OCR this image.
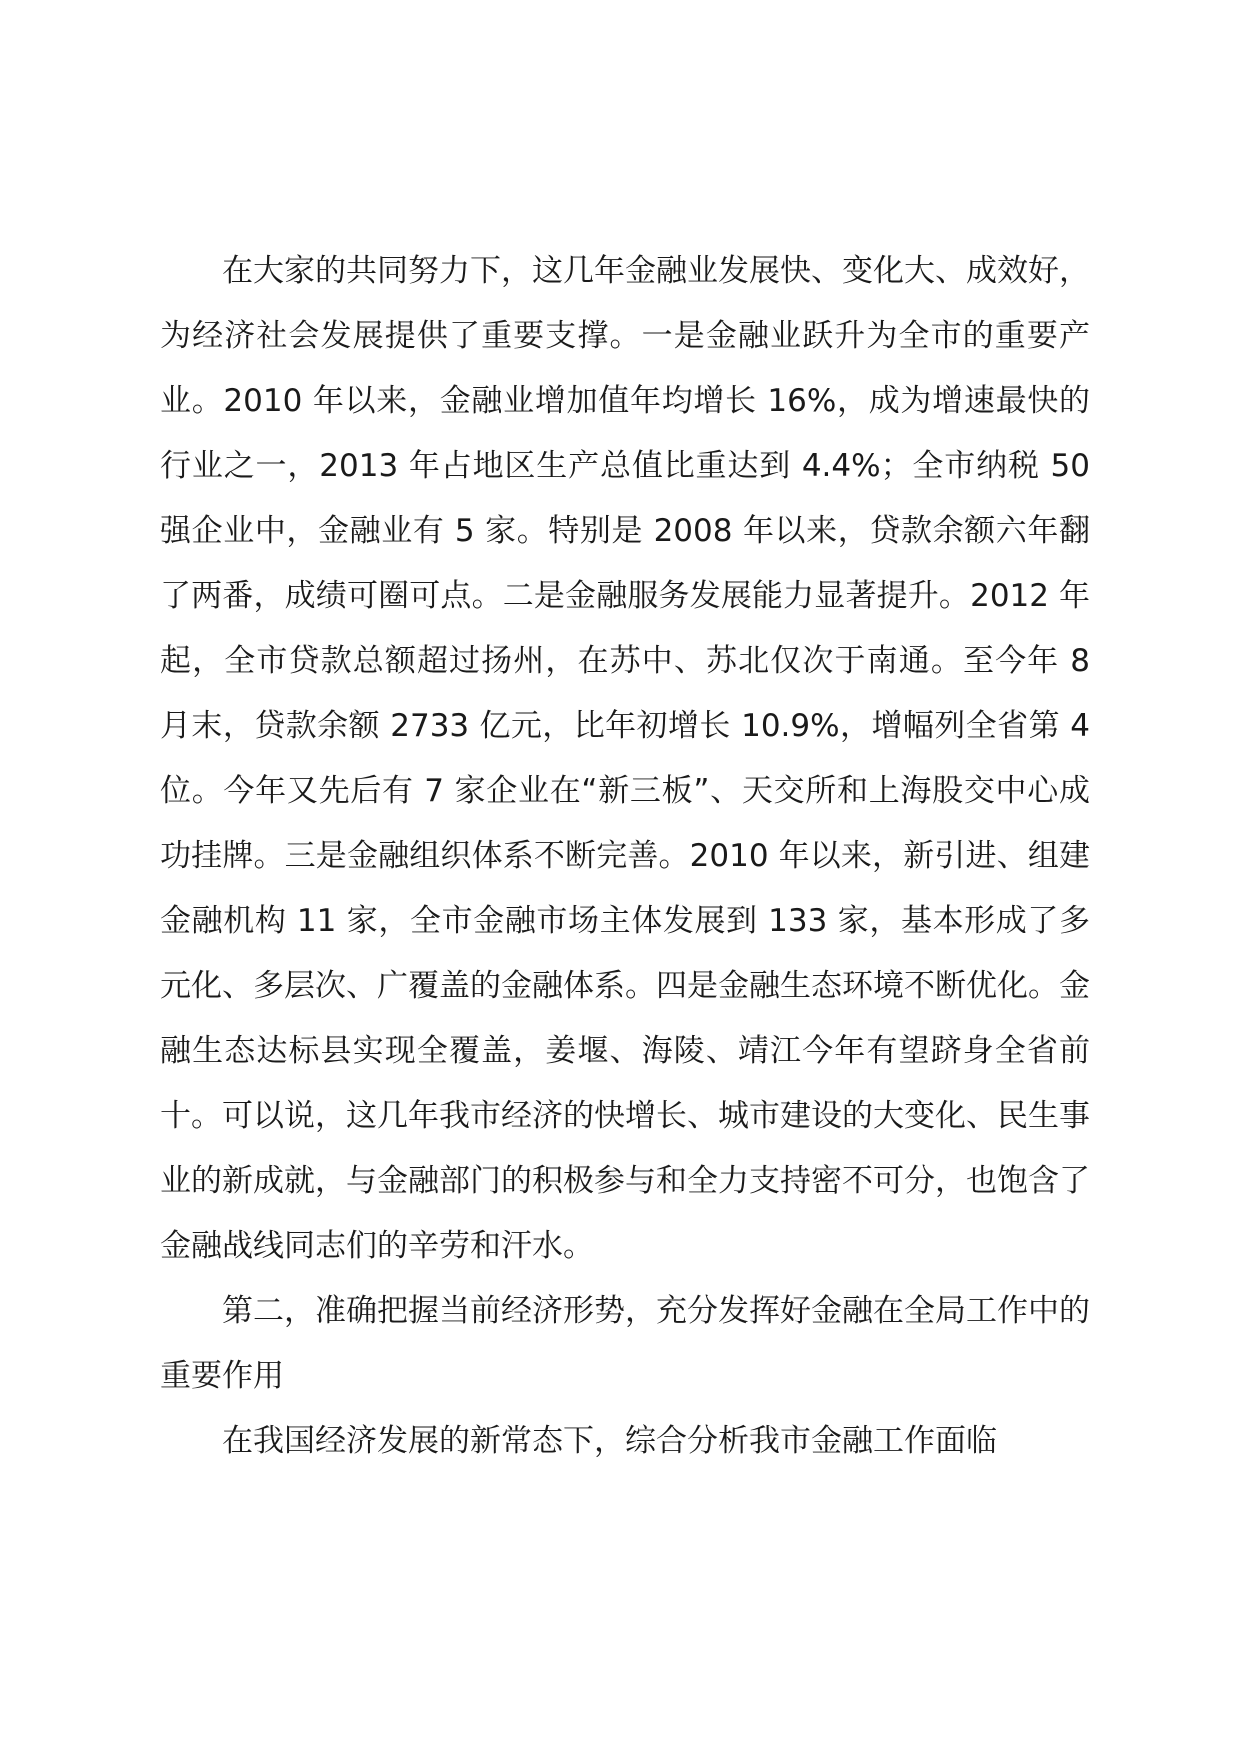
在大家的共同努力下，这几年金融业发展快、变化大、成效好，为经济社会发展提供了重要支撑。一是金融业跃升为全市的重要产业。2010 年以来，金融业增加值年均增长 16%，成为增速最快的行业之一，2013 年占地区生产总值比重达到 4.4%；全市纳税 50 强企业中，金融业有 5 家。特别是 2008 年以来，贷款余额六年翻了两番，成绩可圈可点。二是金融服务发展能力显著提升。2012 年起，全市贷款总额超过扬州，在苏中、苏北仅次于南通。至今年 8 月末，贷款余额 2733 亿元，比年初增长 10.9%，增幅列全省第 4 位。今年又先后有 7 家企业在“新三板”、天交所和上海股交中心成功挂牌。三是金融组织体系不断完善。2010 年以来，新引进、组建金融机构 11 家，全市金融市场主体发展到 133 家，基本形成了多元化、多层次、广覆盖的金融体系。四是金融生态环境不断优化。金融生态达标县实现全覆盖，姜堰、海陵、靖江今年有望跻身全省前十。可以说，这几年我市经济的快增长、城市建设的大变化、民生事业的新成就，与金融部门的积极参与和全力支持密不可分，也饱含了金融战线同志们的辛劳和汗水。

第二，准确把握当前经济形势，充分发挥好金融在全局工作中的重要作用

在我国经济发展的新常态下，综合分析我市金融工作面临
